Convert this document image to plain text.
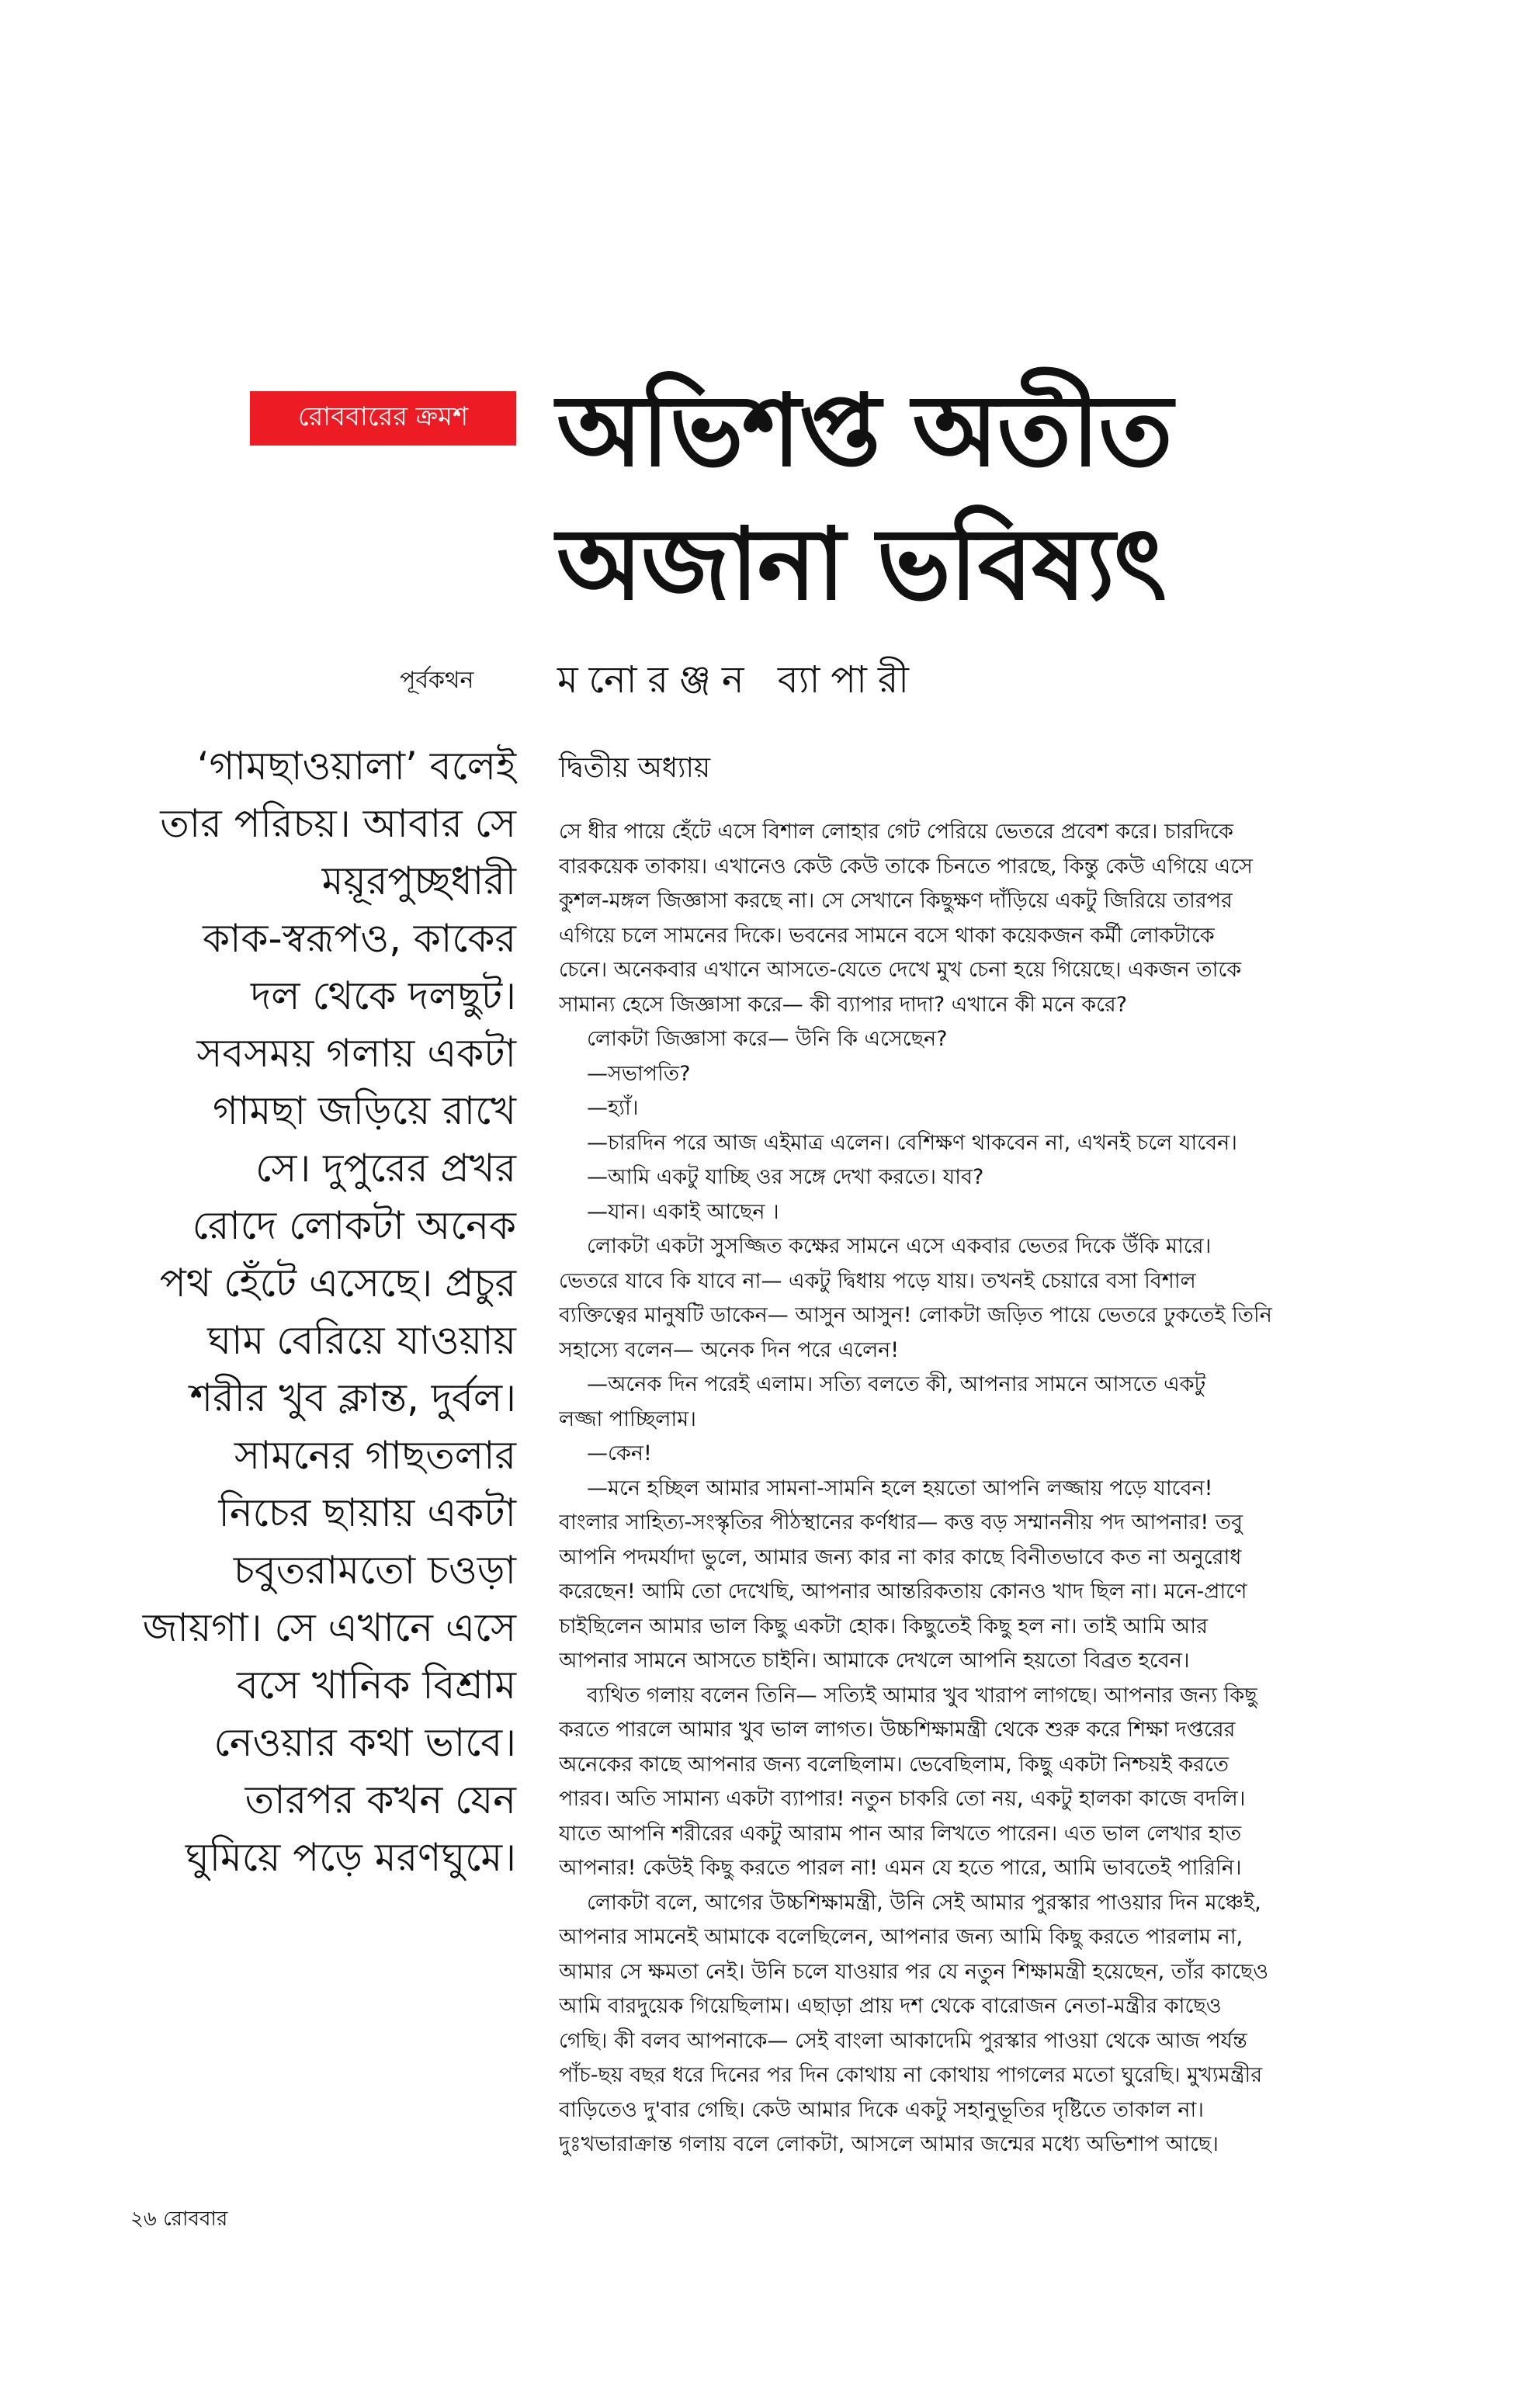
রোববারের ক্রমশ অভিশপ্ত অতীত
অজানা ভবিষ্যৎ
পূর্বকথন মনোরঞ্জন ব্যাপারী
‘গামছাওয়ালা’ বলেই
তার পরিচয়। আবার সে
ময়ূরপুচ্ছধারী
কাক-স্বরূপও, কাকের
দল থেকে দলছুট।
সবসময় গলায় একটা
গামছা জড়িয়ে রাখে
সে। দুপুরের প্রখর
রোদে লোকটা অনেক
পথ হেঁটে এসেছে। প্রচুর
ঘাম বেরিয়ে যাওয়ায়
শরীর খুব ক্লান্ত, দুর্বল।
সামনের গাছতলার
নিচের ছায়ায় একটা
চবুতরামতো চওড়া
জায়গা। সে এখানে এসে
বসে খানিক বিশ্রাম
নেওয়ার কথা ভাবে।
তারপর কখন যেন
ঘুমিয়ে পড়ে মরণঘুমে।
দ্বিতীয় অধ্যায়
সে ধীর পায়ে হেঁটে এসে বিশাল লোহার গেট পেরিয়ে ভেতরে প্রবেশ করে। চারদিকে
বারকয়েক তাকায়। এখানেও কেউ কেউ তাকে চিনতে পারছে, কিন্তু কেউ এগিয়ে এসে
কুশল-মঙ্গল জিজ্ঞাসা করছে না। সে সেখানে কিছুক্ষণ দাঁড়িয়ে একটু জিরিয়ে তারপর
এগিয়ে চলে সামনের দিকে। ভবনের সামনে বসে থাকা কয়েকজন কর্মী লোকটাকে
চেনে। অনেকবার এখানে আসতে-যেতে দেখে মুখ চেনা হয়ে গিয়েছে। একজন তাকে
সামান্য হেসে জিজ্ঞাসা করে— কী ব্যাপার দাদা? এখানে কী মনে করে?
লোকটা জিজ্ঞাসা করে— উনি কি এসেছেন?
—সভাপতি?
—হ্যাঁ।
—চারদিন পরে আজ এইমাত্র এলেন। বেশিক্ষণ থাকবেন না, এখনই চলে যাবেন।
—আমি একটু যাচ্ছি ওর সঙ্গে দেখা করতে। যাব?
—যান। একাই আছেন ।
লোকটা একটা সুসজ্জিত কক্ষের সামনে এসে একবার ভেতর দিকে উঁকি মারে।
ভেতরে যাবে কি যাবে না— একটু দ্বিধায় পড়ে যায়। তখনই চেয়ারে বসা বিশাল
ব্যক্তিত্বের মানুষটি ডাকেন— আসুন আসুন! লোকটা জড়িত পায়ে ভেতরে ঢুকতেই তিনি
সহাস্যে বলেন— অনেক দিন পরে এলেন!
—অনেক দিন পরেই এলাম। সত্যি বলতে কী, আপনার সামনে আসতে একটু
লজ্জা পাচ্ছিলাম।
—কেন!
—মনে হচ্ছিল আমার সামনা-সামনি হলে হয়তো আপনি লজ্জায় পড়ে যাবেন!
বাংলার সাহিত্য-সংস্কৃতির পীঠস্থানের কর্ণধার— কত্ত বড় সম্মাননীয় পদ আপনার! তবু
আপনি পদমর্যাদা ভুলে, আমার জন্য কার না কার কাছে বিনীতভাবে কত না অনুরোধ
করেছেন! আমি তো দেখেছি, আপনার আন্তরিকতায় কোনও খাদ ছিল না। মনে-প্রাণে
চাইছিলেন আমার ভাল কিছু একটা হোক। কিছুতেই কিছু হল না। তাই আমি আর
আপনার সামনে আসতে চাইনি। আমাকে দেখলে আপনি হয়তো বিব্রত হবেন।
ব্যথিত গলায় বলেন তিনি— সত্যিই আমার খুব খারাপ লাগছে। আপনার জন্য কিছু
করতে পারলে আমার খুব ভাল লাগত। উচ্চশিক্ষামন্ত্রী থেকে শুরু করে শিক্ষা দপ্তরের
অনেকের কাছে আপনার জন্য বলেছিলাম। ভেবেছিলাম, কিছু একটা নিশ্চয়ই করতে
পারব। অতি সামান্য একটা ব্যাপার! নতুন চাকরি তো নয়, একটু হালকা কাজে বদলি।
যাতে আপনি শরীরের একটু আরাম পান আর লিখতে পারেন। এত ভাল লেখার হাত
আপনার! কেউই কিছু করতে পারল না! এমন যে হতে পারে, আমি ভাবতেই পারিনি।
লোকটা বলে, আগের উচ্চশিক্ষামন্ত্রী, উনি সেই আমার পুরস্কার পাওয়ার দিন মঞ্চেই,
আপনার সামনেই আমাকে বলেছিলেন, আপনার জন্য আমি কিছু করতে পারলাম না,
আমার সে ক্ষমতা নেই। উনি চলে যাওয়ার পর যে নতুন শিক্ষামন্ত্রী হয়েছেন, তাঁর কাছেও
আমি বারদুয়েক গিয়েছিলাম। এছাড়া প্রায় দশ থেকে বারোজন নেতা-মন্ত্রীর কাছেও
গেছি। কী বলব আপনাকে— সেই বাংলা আকাদেমি পুরস্কার পাওয়া থেকে আজ পর্যন্ত
পাঁচ-ছয় বছর ধরে দিনের পর দিন কোথায় না কোথায় পাগলের মতো ঘুরেছি। মুখ্যমন্ত্রীর
বাড়িতেও দু'বার গেছি। কেউ আমার দিকে একটু সহানুভূতির দৃষ্টিতে তাকাল না।
দুঃখভারাক্রান্ত গলায় বলে লোকটা, আসলে আমার জন্মের মধ্যে অভিশাপ আছে।
২৬ রোববার
